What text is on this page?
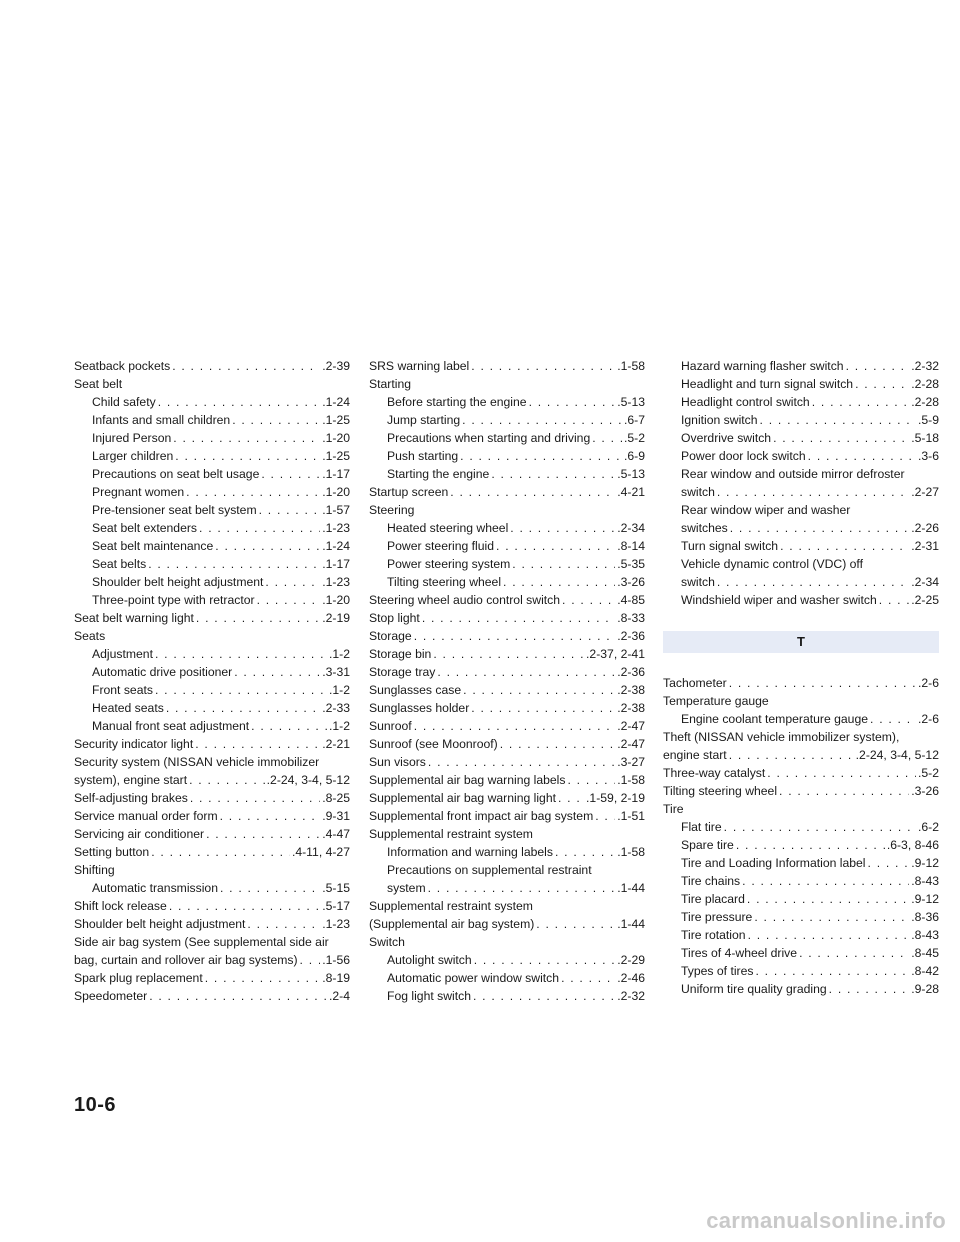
Seatback pockets . . .	.2-39
Seat belt
Child safety . . .	.1-24
Infants and small children . . .	.1-25
Injured Person . . .	.1-20
Larger children . . .	.1-25
Precautions on seat belt usage . . .	.1-17
Pregnant women . . .	.1-20
Pre-tensioner seat belt system . . .	.1-57
Seat belt extenders . . .	.1-23
Seat belt maintenance . . .	.1-24
Seat belts . . .	.1-17
Shoulder belt height adjustment . . .	.1-23
Three-point type with retractor . . .	.1-20
Seat belt warning light . . .	.2-19
Seats
Adjustment . . .	.1-2
Automatic drive positioner . . .	.3-31
Front seats . . .	.1-2
Heated seats . . .	.2-33
Manual front seat adjustment . . .	.1-2
Security indicator light . . .	.2-21
Security system (NISSAN vehicle immobilizer
system), engine start . . .	.2-24, 3-4, 5-12
Self-adjusting brakes . . .	.8-25
Service manual order form . . .	.9-31
Servicing air conditioner . . .	.4-47
Setting button . . .	.4-11, 4-27
Shifting
Automatic transmission . . .	.5-15
Shift lock release . . .	.5-17
Shoulder belt height adjustment . . .	.1-23
Side air bag system (See supplemental side air
bag, curtain and rollover air bag systems) . . . .1-56
Spark plug replacement . . .	.8-19
Speedometer . . .	.2-4
SRS warning label . . .	.1-58
Starting
Before starting the engine . . .	.5-13
Jump starting . . .	.6-7
Precautions when starting and driving . . .	.5-2
Push starting . . .	.6-9
Starting the engine . . .	.5-13
Startup screen . . .	.4-21
Steering
Heated steering wheel . . .	.2-34
Power steering fluid . . .	.8-14
Power steering system . . .	.5-35
Tilting steering wheel . . .	.3-26
Steering wheel audio control switch . . .	.4-85
Stop light . . .	.8-33
Storage . . .	.2-36
Storage bin . . .	.2-37, 2-41
Storage tray . . .	.2-36
Sunglasses case . . .	.2-38
Sunglasses holder . . .	.2-38
Sunroof . . .	.2-47
Sunroof (see Moonroof) . . .	.2-47
Sun visors . . .	.3-27
Supplemental air bag warning labels . . .	.1-58
Supplemental air bag warning light . . . .1-59, 2-19
Supplemental front impact air bag system . . . .1-51
Supplemental restraint system
Information and warning labels . . .	.1-58
Precautions on supplemental restraint
system . . .	.1-44
Supplemental restraint system
(Supplemental air bag system) . . .	.1-44
Switch
Autolight switch . . .	.2-29
Automatic power window switch . . .	.2-46
Fog light switch . . .	.2-32
Hazard warning flasher switch . . .	.2-32
Headlight and turn signal switch . . .	.2-28
Headlight control switch . . .	.2-28
Ignition switch . . .	.5-9
Overdrive switch . . .	.5-18
Power door lock switch . . .	.3-6
Rear window and outside mirror defroster
switch . . .	.2-27
Rear window wiper and washer
switches . . .	.2-26
Turn signal switch . . .	.2-31
Vehicle dynamic control (VDC) off
switch . . .	.2-34
Windshield wiper and washer switch . . .	.2-25
T
Tachometer . . .	.2-6
Temperature gauge
Engine coolant temperature gauge . . .	.2-6
Theft (NISSAN vehicle immobilizer system),
engine start . . .	.2-24, 3-4, 5-12
Three-way catalyst . . .	.5-2
Tilting steering wheel . . .	.3-26
Tire
Flat tire . . .	.6-2
Spare tire . . .	.6-3, 8-46
Tire and Loading Information label . . .	.9-12
Tire chains . . .	.8-43
Tire placard . . .	.9-12
Tire pressure . . .	.8-36
Tire rotation . . .	.8-43
Tires of 4-wheel drive . . .	.8-45
Types of tires . . .	.8-42
Uniform tire quality grading . . .	.9-28
10-6
carmanualsonline.info
